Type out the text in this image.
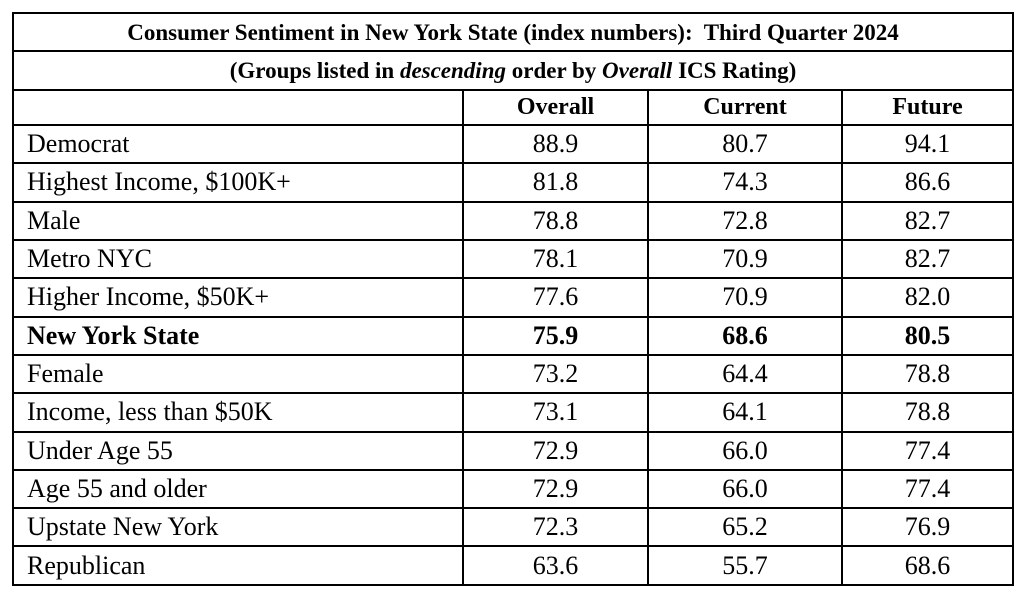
Consumer Sentiment in New York State (index numbers):  Third Quarter 2024			
(Groups listed in descending order by Overall ICS Rating)			
	Overall	Current	Future
Democrat	88.9	80.7	94.1
Highest Income, $100K+	81.8	74.3	86.6
Male	78.8	72.8	82.7
Metro NYC	78.1	70.9	82.7
Higher Income, $50K+	77.6	70.9	82.0
New York State	75.9	68.6	80.5
Female	73.2	64.4	78.8
Income, less than $50K	73.1	64.1	78.8
Under Age 55	72.9	66.0	77.4
Age 55 and older	72.9	66.0	77.4
Upstate New York	72.3	65.2	76.9
Republican	63.6	55.7	68.6
